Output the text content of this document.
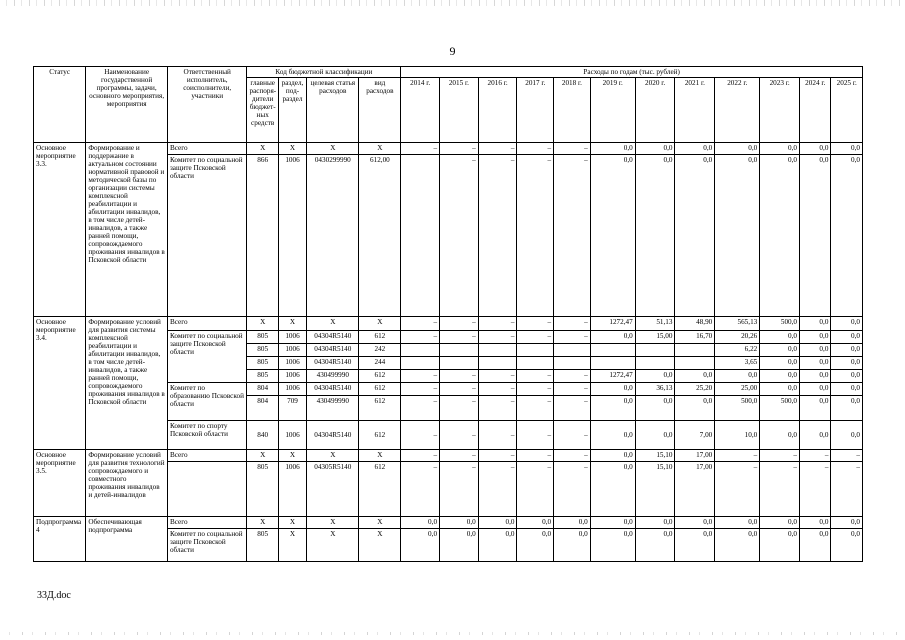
9
Статус	Наименование государственной программы, задачи, основного мероприятия, мероприятия	Ответственный исполнитель, соисполнители, участники	Код бюджетной классификации				Расходы по годам (тыс. рублей)											
			главные распоря-дители бюджет-ных средств	раздел, под-раздел	целевая статья расходов	вид расходов	2014 г.	2015 г.	2016 г.	2017 г.	2018 г.	2019 г.	2020 г.	2021 г.	2022 г.	2023 г.	2024 г.	2025 г.
Основное мероприятие 3.3.	Формирование и поддержание в актуальном состоянии нормативной правовой и методической базы по организации системы комплексной реабилитации и абилитации инвалидов, в том числе детей-инвалидов, а также ранней помощи, сопровождаемого проживания инвалидов в Псковской области	Всего	Х	Х	Х	Х	–	–	–	–	–	0,0	0,0	0,0	0,0	0,0	0,0	0,0
		Комитет по социальной защите Псковской области	866	1006	0430299990	612,00		–	–	–	–	0,0	0,0	0,0	0,0	0,0	0,0	0,0
Основное мероприятие 3.4.	Формирование условий для развития системы комплексной реабилитации и абилитации инвалидов, в том числе детей-инвалидов, а также ранней помощи, сопровождаемого проживания инвалидов в Псковской области	Всего	Х	Х	Х	Х	–	–	–	–	–	1272,47	51,13	48,90	565,13	500,0	0,0	0,0
		Комитет по социальной защите Псковской области	805	1006	04304R5140	612	–	–	–	–	–	0,0	15,00	16,70	20,26	0,0	0,0	0,0
			805	1006	04304R5140	242									6,22	0,0	0,0	0,0
			805	1006	04304R5140	244									3,65	0,0	0,0	0,0
			805	1006	430499990	612	–	–	–	–	–	1272,47	0,0	0,0	0,0	0,0	0,0	0,0
		Комитет по образованию Псковской области	804	1006	04304R5140	612	–	–	–	–	–	0,0	36,13	25,20	25,00	0,0	0,0	0,0
			804	709	430499990	612	–	–	–	–	–	0,0	0,0	0,0	500,0	500,0	0,0	0,0
		Комитет по спорту Псковской области	840	1006	04304R5140	612	–	–	–	–	–	0,0	0,0	7,00	10,0	0,0	0,0	0,0
Основное мероприятие 3.5.	Формирование условий для развития технологий сопровождаемого и совместного проживания инвалидов и детей-инвалидов	Всего	Х	Х	Х	Х	–	–	–	–	–	0,0	15,10	17,00	–	–	–	–
			805	1006	04305R5140	612	–	–	–	–	–	0,0	15,10	17,00	–	–	–	–
Подпрограмма 4	Обеспечивающая подпрограмма	Всего	Х	Х	Х	Х	0,0	0,0	0,0	0,0	0,0	0,0	0,0	0,0	0,0	0,0	0,0	0,0
		Комитет по социальной защите Псковской области	805	Х	Х	Х	0,0	0,0	0,0	0,0	0,0	0,0	0,0	0,0	0,0	0,0	0,0	0,0
33Д.doc
